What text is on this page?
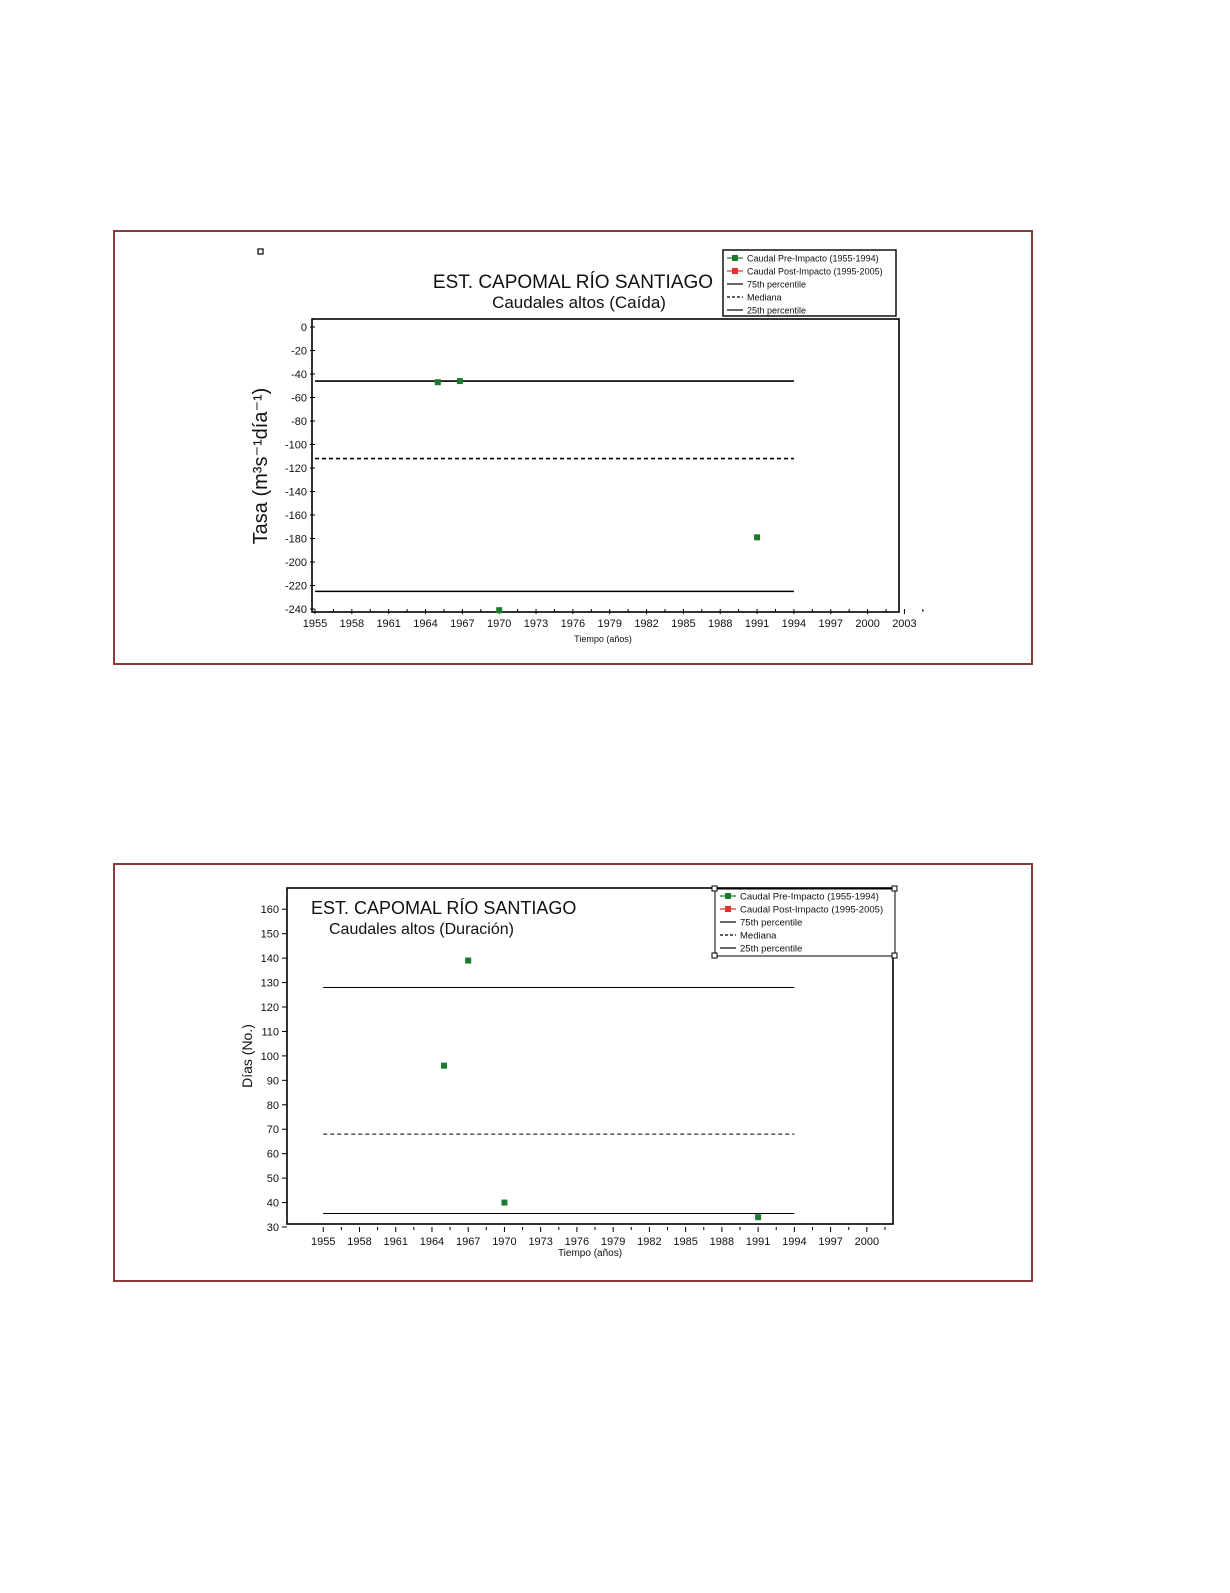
EST. CAPOMAL RÍO SANTIAGO
Caudales altos (Caída)
Tasa (m³s⁻¹día⁻¹)
Tiempo (años)
0
-20
-40
-60
-80
-100
-120
-140
-160
-180
-200
-220
-240
1955 1958 1961 1964 1967 1970 1973 1976 1979 1982 1985 1988 1991 1994 1997 2000 2003
Caudal Pre-Impacto (1955-1994)
Caudal Post-Impacto (1995-2005)
75th percentile
Mediana
25th percentile
EST. CAPOMAL RÍO SANTIAGO
Caudales altos (Duración)
Días (No.)
Tiempo (años)
160
150
140
130
120
110
100
90
80
70
60
50
40
30
1955 1958 1961 1964 1967 1970 1973 1976 1979 1982 1985 1988 1991 1994 1997 2000
Caudal Pre-Impacto (1955-1994)
Caudal Post-Impacto (1995-2005)
75th percentile
Mediana
25th percentile
